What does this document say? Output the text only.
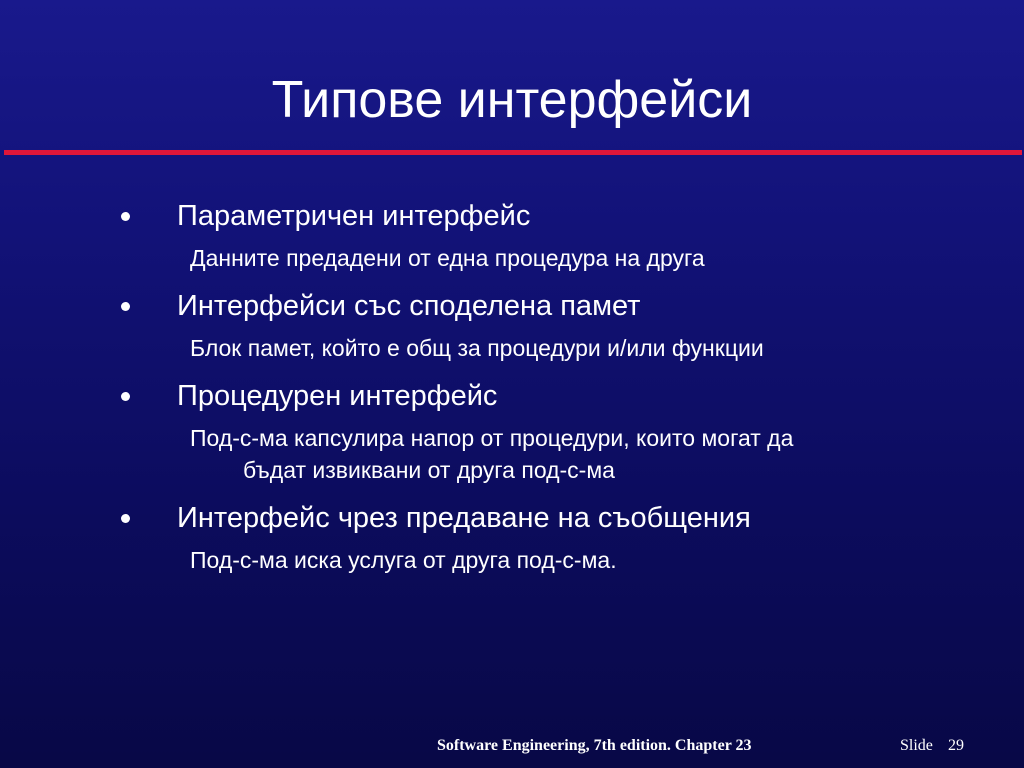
Типове интерфейси
Параметричен интерфейс
Данните предадени от една процедура на друга
Интерфейси със споделена памет
Блок памет, който е общ за процедури и/или функции
Процедурен интерфейс
Под-с-ма капсулира напор от процедури, които могат да
бъдат извиквани от друга под-с-ма
Интерфейс чрез предаване на съобщения
Под-с-ма иска услуга от друга под-с-ма.
Software Engineering, 7th edition. Chapter 23	Slide 29
